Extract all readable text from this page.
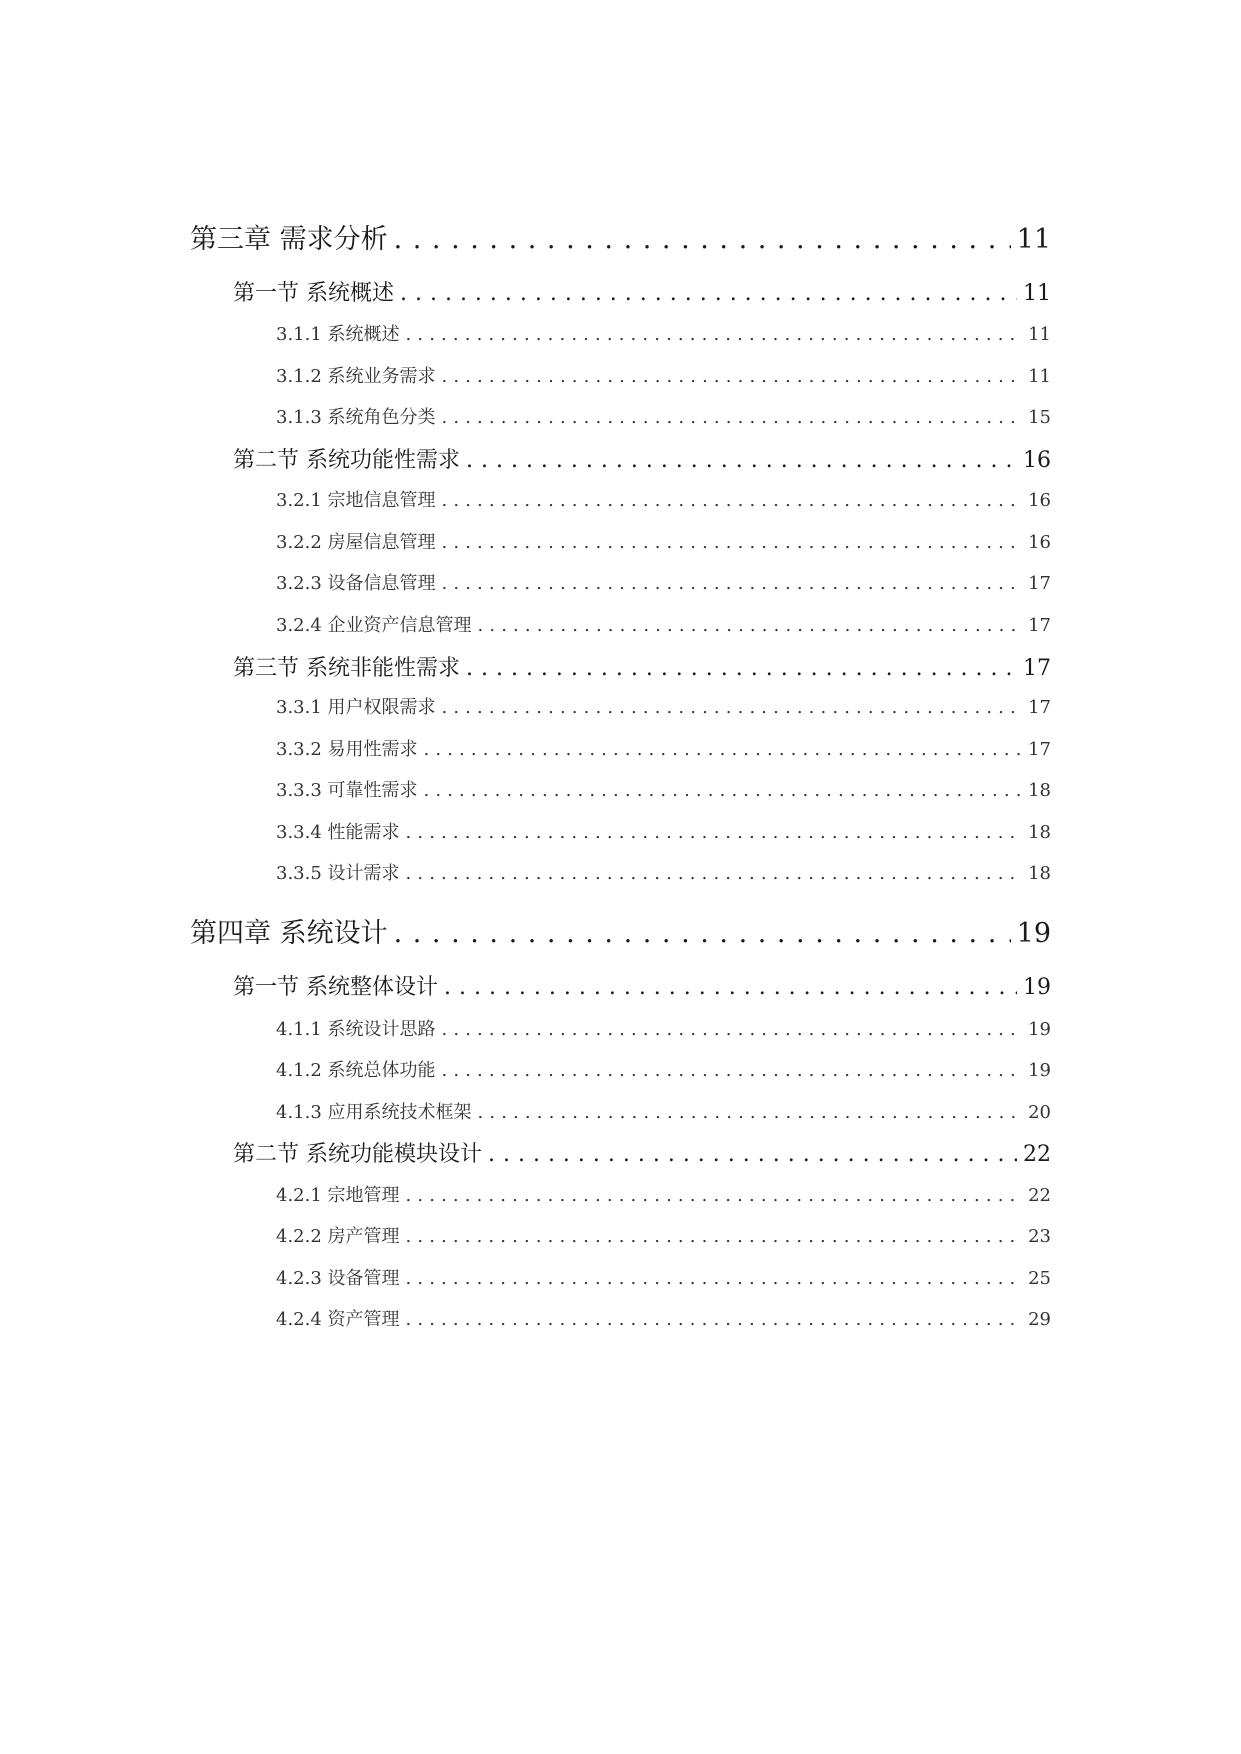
第三章 需求分析 . . .	11
第一节 系统概述 . . .	11
3.1.1 系统概述 . . .	11
3.1.2 系统业务需求 . . .	11
3.1.3 系统角色分类 . . .	15
第二节 系统功能性需求 . . .	16
3.2.1 宗地信息管理 . . .	16
3.2.2 房屋信息管理 . . .	16
3.2.3 设备信息管理 . . .	17
3.2.4 企业资产信息管理 . . .	17
第三节 系统非能性需求 . . .	17
3.3.1 用户权限需求 . . .	17
3.3.2 易用性需求 . . .	17
3.3.3 可靠性需求 . . .	18
3.3.4 性能需求 . . .	18
3.3.5 设计需求 . . .	18
第四章 系统设计 . . .	19
第一节 系统整体设计 . . .	19
4.1.1 系统设计思路 . . .	19
4.1.2 系统总体功能 . . .	19
4.1.3 应用系统技术框架 . . .	20
第二节 系统功能模块设计 . . .	22
4.2.1 宗地管理 . . .	22
4.2.2 房产管理 . . .	23
4.2.3 设备管理 . . .	25
4.2.4 资产管理 . . .	29
